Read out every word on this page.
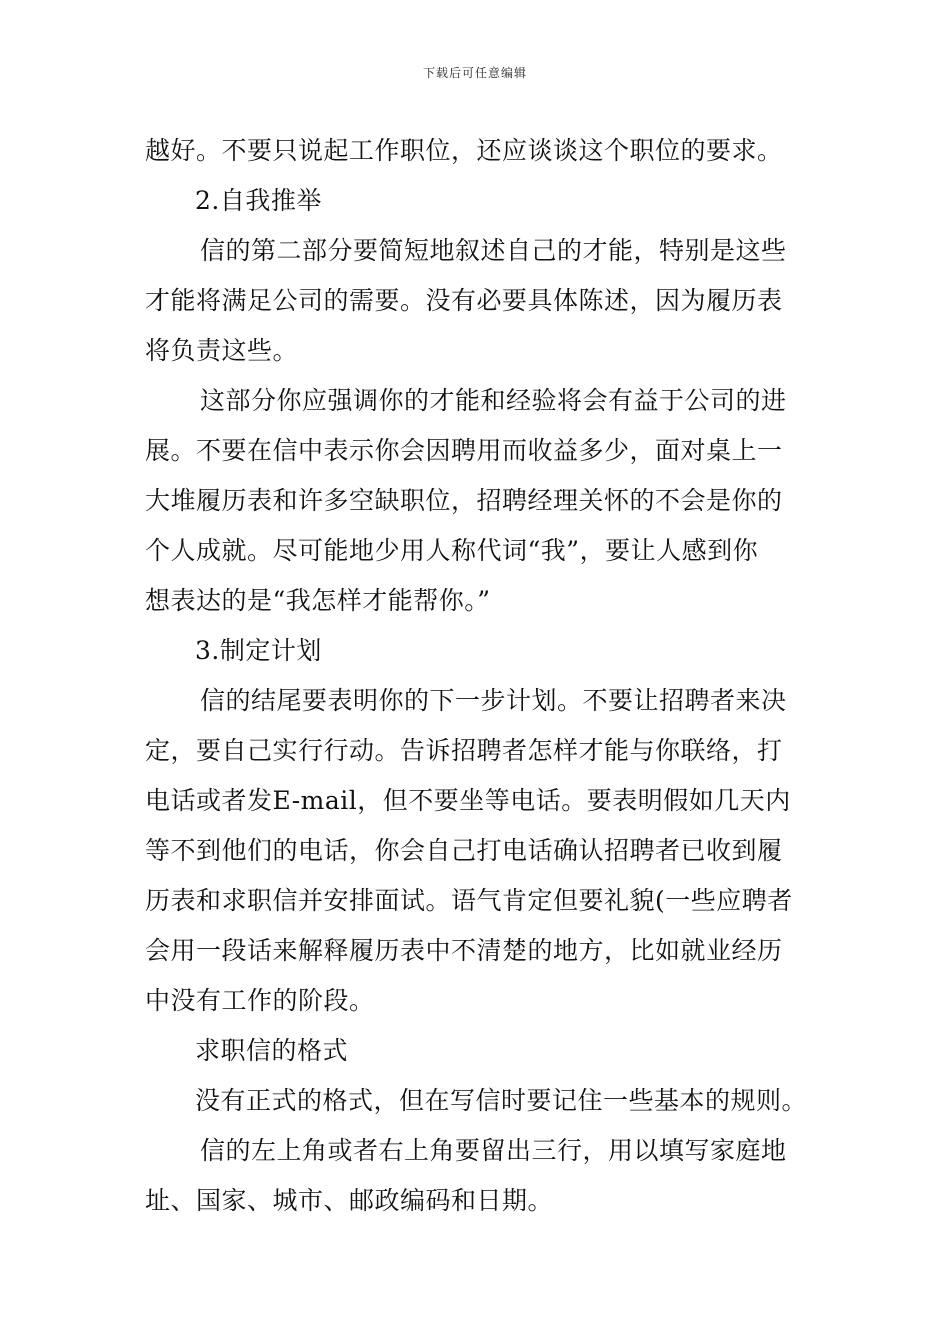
下载后可任意编辑
越好。不要只说起工作职位，还应谈谈这个职位的要求。
2.自我推举
信的第二部分要简短地叙述自己的才能，特别是这些
才能将满足公司的需要。没有必要具体陈述，因为履历表
将负责这些。
这部分你应强调你的才能和经验将会有益于公司的进
展。不要在信中表示你会因聘用而收益多少，面对桌上一
大堆履历表和许多空缺职位，招聘经理关怀的不会是你的
个人成就。尽可能地少用人称代词“我”，要让人感到你
想表达的是“我怎样才能帮你。”
3.制定计划
信的结尾要表明你的下一步计划。不要让招聘者来决
定，要自己实行行动。告诉招聘者怎样才能与你联络，打
电话或者发E-mail，但不要坐等电话。要表明假如几天内
等不到他们的电话，你会自己打电话确认招聘者已收到履
历表和求职信并安排面试。语气肯定但要礼貌(一些应聘者
会用一段话来解释履历表中不清楚的地方，比如就业经历
中没有工作的阶段。
求职信的格式
没有正式的格式，但在写信时要记住一些基本的规则。
信的左上角或者右上角要留出三行，用以填写家庭地
址、国家、城市、邮政编码和日期。
